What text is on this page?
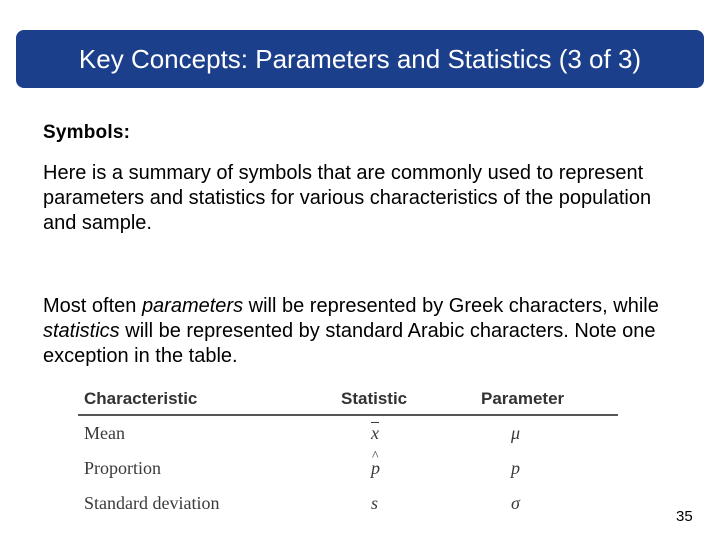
Key Concepts: Parameters and Statistics (3 of 3)
Symbols:
Here is a summary of symbols that are commonly used to represent parameters and statistics for various characteristics of the population and sample.
Most often parameters will be represented by Greek characters, while statistics will be represented by standard Arabic characters. Note one exception in the table.
Characteristic	Statistic	Parameter
Mean	$\overline{x}$	μ
Proportion	^ p	p
Standard deviation	s	σ
35
